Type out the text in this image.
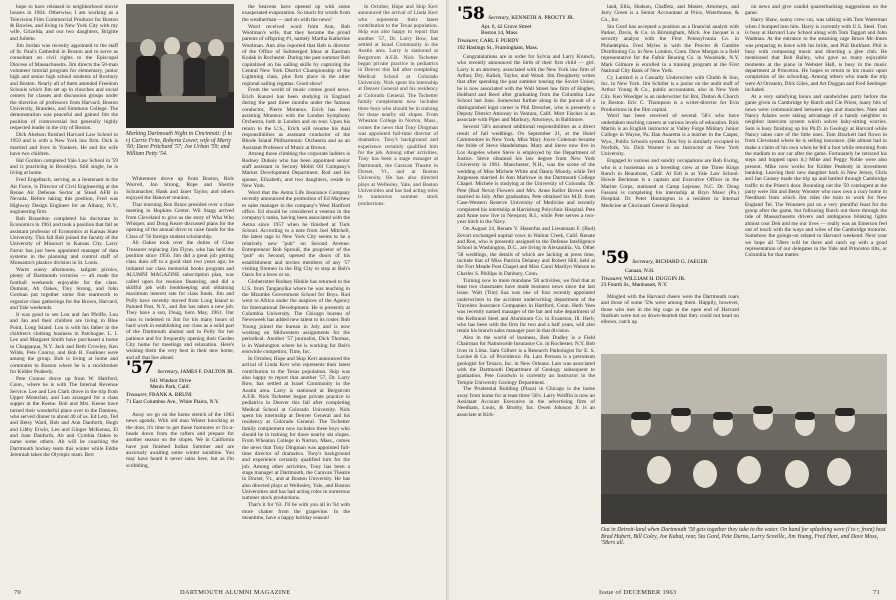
hope to have released to neighborhood movie houses in 1964. Otherwise, I am working as a Television Film Commercial Producer for Boston & Bowles, and living in New York City with my wife, Grizelda, and our two daughters, Brigitte and Juliette.

Jim Jordan was recently appointed to the staff of St. Paul's Cathedral in Boston and to serve as consultant on civil rights to the Episcopal Diocese of Massachusetts. Jim directs the 50-man volunteer tutorial program for elementary, junior high and senior high school students of Roxbury and Boston. Nearly all of them attended Freedom Schools which Jim set up in churches and social centers for classes and discussion groups under the direction of professors from Harvard, Boston University, Brandeis, and Simmons College. The demonstration was peaceful and gained Jim the position of controversial but generally highly respected leader in the city of Boston.

Dick Abelson finished Harvard Law School in 1959 and is with a New York law firm. Dick is married and lives in Yonkers. He and his wife have two children.

Hal Gordon completed Yale Law School in '59 and is practicing in Brooklyn. Still single, he is living at home.

Fred Engelbach, serving as a lieutenant in the Air Force, is Director of Civil Engineering at the Renae Air Defense Sector at Stead AFB in Nevada. Before taking this position, Fred was Highway Design Engineer for an Albany, N.Y., engineering firm.

Bob Brazelton completed his doctorate in Economics in 1961 and took a position that fall as assistant professor of Economics at Kansas State University. This fall Bob joined the faculty of the University of Missouri in Kansas City. Larry Farrar has just been appointed manager of data systems in the planning and control staff of Monsanto's plastics division in St. Louis.

Warm sunny afternoons, tailgate picnics, plenty of Dartmouth victories — all made the football weekends enjoyable for the class. Dumont, Ab Oakes, Tiny Strong, and John Gorman put together some fine teamwork to organize class gatherings for the Brown, Harvard, and Yale weekends.

It was good to see Lou and Jan Pfeiffe, Lou and Jan and their children are living in Blue Point, Long Island. Lou is with his father in the children's clothing business in Patchogue. L. I. Lee and Margaret Smith have purchased a home in Chappaqua, N.Y. Jack and Beth Crowley, Ken Wilde, Pete Conroy, and Bob R. Faulkner were among the group. Bob is living at home and commutes to Boston where he is a stockbroker for Kidder Peabody.

Pete Connor drove up from W. Hartford, Conn., where he is with The Internal Revenue Service. Lee and Len Clark drove in the trip from Upper Montclair, and Len arranged for a class supper at the Keene. Bob and Mrs. Keene have turned their wonderful place over to the Dantons, who served dinner to about 40 of us. Ed Letz, Ted and Betsy Ward, Bob and Ann Danforth, Hugh and Libby Erwin, Leo and Ginger McKenna, El and Joan Danforth, Ab and Cynthia Oakes to name some others. Ab will be coaching the Dartmouth hockey team this winter while Eddie Jeremiah takes the Olympic team. Bert

Marking Dartmouth Night in Cincinnati: (l to r) Carrie Fritz, Roberta Lower, wife of Marty '60; Dave Pritchard '57; Joe Urban '59; and William Petty '54.

Whitemore drove up from Boston, Rick Worrell, Jon Strong, Rope and Sherrie Schumacher, Hank and Janet Taylor, and others enjoyed the Hanover reunion.

That morning Ron Brace presided over a class meeting in Hopkins Center. Wil Stagg arrived from Cleveland to give us the story of Wha Who Whisper, and Doug Keare discussed plans for the opening of the annual drive to raise funds for the Class of '56 foreign student scholarship.

Ab Oakes took over the duties of Class Treasurer replacing Jim Flynn, who has held the position since 1956. Jim did a great job getting class dues off to a good start two years ago; he initiated our class memorial books program and ALUMNI MAGAZINE subscription plan, was called upon for reunion financing, and did a skillful job with bookkeeping and obtaining maximum interest rate for class funds. Jim and Polly have recently moved from Long Island to Painted Post, N.Y., and Jim has taken a new job. They have a son, Doug, born May, 1961. Our class is indebted to Jim for his many hours of hard work in establishing our class as a solid part of the Dartmouth alumni and to Polly for her patience and for frequently opening their Garden City home for meetings and relaxation. Here's wishing them the very best in their new home, and all that lies ahead.

'57 Secretary, JAMES F. DALTON JR.
641 Windsor Drive
Menlo Park, Calif.
Treasurer, FRANK A. BRUNI
71 East Columbus Ave., White Plains, N.Y.

Away we go on the home stretch of the 1963 news agenda. With old man Winter knocking at the door, it's time to get those footnotes or fix-a-heads down from the rafters and prepare for another season on the slopes. We in California have just finished Indian Summer and are anxiously awaiting some winter sunshine. You may have heard it never rains here, but as I'm scribbling,

the heavens have opened up with some exasperated evaporation. So much for words from the weatherman — and on with the news!

Word received word from Ann, Bob Woolman's wife, that they became the proud parents of offspring #1, namely Martha Katherine Woolman. Ann also reported that Bob is director of the Office of Submerged Ideas at Eastman Kodak in Rochester. During the past summer Bob capitalized on his sailing skills by capturing the Central New York District Championship of the Lightning class, plus first place in the other regional sailing regattas. Good show!

From the world of music comes good news. Erich Kunzel has been studying in England during the past three months under the famous conductor, Pierre Monteux. Erich has been assisting Monteux with the London Symphony Orchestra, both in London and on tour. Upon his return to the U.S., Erich will resume his dual responsibilities as assistant conductor of the Rhode Island Philharmonic Orchestra and as an Assistant Professor of Music at Brown.

Among those climbing the corporate ladders is Rodney Dubois who has been appointed senior staff assistant in Secony Mobil Oil Company's Market Development Department. Rod and his spouse, Elizabeth, and two daughters, reside in New York.

Word that the Aetna Life Insurance Company recently announced the promotion of Ed Mayhew to sales manager in the company's West Hartford office. Ed should be considered a veteran in the company's ranks, having been associated with the Aetna since 1957 when he finished at Tuck School. According to a note from Joel Mitchell, the latest rage in New York City seems to be a relatively new "pub" on Second Avenue. Entrepreneur Bob Sproull, the proprietor of the "pub" on Second, opened the doors of his establishment and invites members of any '57 visiting firemen in the Big City to stop at Bob's Oasis for a brew or so.

Globetrotter Rodney Hinkle has returned to the U.S. from Tanganyika where he was teaching in the Mzumbe Government School for Boys. Rod went to Africa under the auspices of the Agency for International Development. He is presently at Columbia University. The Chicago bureau of Newsweek has added new talent to its roster. Bob Young joined the bureau in July and is now working on Midwestern assignments for the periodical. Another '57 journalist, Dick Thomas, is in Washington where he is working for Bob's erstwhile competitor, Time, Inc.

In October, Hope and Skip Kerr announced the arrival of Linda Kerr who represents their latest contribution to the Texas population. Skip was also happy to report that another '57, Dr. Larry Bow, has settled at Israel Community in the Austin area. Larry is stationed at Bergstrom A.F.B. Nick Tschetter began private practice in pediatrics in Denver this fall after completing Medical School at Colorado University. Nick spent his internship at Denver General and his residency at Colorado General. The Tschetter family complement now includes three boys who should be in training for those nearby ski slopes. From Wheaton College in Norton, Mass., comes the news that Tony Dingman was appointed full-time director of dramatics. Tony's background and experience certainly qualified him for the job. Among other activities, Tony has been a stage manager at Dartmouth, the Caravan Theatre in Dorset, Vt., and at Boston University. He has also directed plays at Wellesley, Yale, and Boston Universities and has had acting roles in numerous summer stock productions.

That's it for '63. I'll be with you all in '64 with more chatter from the grapevine. In the meantime, have a happy holiday season!

In October, Hope and Skip Kerr announced the arrival of Linda Kerr who represents their latest contribution to the Texas population. Skip was also happy to report that another '57, Dr. Larry Bow, has settled at Israel Community in the Austin area. Larry is stationed at Bergstrom A.F.B. Nick Tschetter began private practice in pediatrics in Denver this fall after completing Medical School at Colorado University. Nick spent his internship at Denver General and his residency at Colorado General. The Tschetter family complement now includes three boys who should be in training for those nearby ski slopes. From Wheaton College in Norton, Mass., comes the news that Tony Dingman was appointed full-time director of dramatics. Tony's background and experience certainly qualified him for the job. Among other activities, Tony has been a stage manager at Dartmouth, the Caravan Theatre in Dorset, Vt., and at Boston University. He has also directed plays at Wellesley, Yale, and Boston Universities and has had acting roles in numerous summer stock productions.

70	DARTMOUTH ALUMNI MAGAZINE
'58 Secretary, KENNETH A. PROUTY JR.
Apt. 6, 42 Grove Street
Boston 14, Mass.
Treasurer, CARL F. PURDY
102 Hastings St., Framingham, Mass.

Congratulations are in order for Sylvia and Larry Krutsch, who recently announced the birth of their first child — girl. Larry is an attorney, associated with the New York law firm of Arthur, Dry, Kalish, Taylor, and Wood. Jim Dougherty writes that after spending the past summer touring the Soviet Union, he is now associated with the Wall Street law firm of Hughes, Hubbard and Reed after graduating from the Columbia Law School last June. Somewhat further along in the pursuit of a distinguished legal career is Phil Drescher, who is presently a Deputy District Attorney in Ventura, Calif. Mort Fischer is an associate with Piper and Marbury, Attorneys, in Baltimore.

Several '58's assumed additional responsibilities as a direct result of fall weddings. On September 21, at the Hotel Commodore in New York, Miss Mary Joyce Coleman became the bride of Steve Handelsman. Mary and Steve now live in Los Angeles where Steve is employed by the Department of Justice. Steve obtained his law degree from New York University in 1961. Manchester, N.H., was the scene of the wedding of Miss Michele White and Danny Moody, while Ted Jorgensen married Jo Ann Marlowe in the Dartmouth College Chapel. Michele is studying at the University of Colorado. Dr. Pete (Bud Neva) Flowers and Mrs. Anne Keller Brown were married in July. After graduation, Pete obtained his M.D. from Case-Western Reserve University of Medicine and recently completed his internship at Harrisburg Polyclinic Hospital. Pete and Anne now live in Newport, R.I., while Pete serves a two-year hitch in the Navy.

On August 24, Renate V. Hasenfus and Lieutenant F. (Bud) Zevort exchanged nuptial vows in Walnut Creek, Calif. Renate and Ron, who is presently assigned to the Defense Intelligence School in Washington, D.C., are living in Alexandria, Va. Other '58 weddings, the details of which are lacking at press time, include that of Miss Patricia Delaney and Robert Hill; held at the Fort Meade Post Chapel and Miss Carol Marilyn Watson to Charles S. Phillips in Danbury, Conn.

Turning now to more mundane '58 activities, we find that at least two classmates have made business news since the last issue. Walt (Tim) Sua was one of four recently appointed underwriters in the accident underwriting department of the Travelers Insurance Companies in Hartford, Conn. Herb Vees was recently named manager of the bar and tube department of the Kelbrand Steel and Aluminum Co. in Evanston, Ill. Herb, who has been with the firm for two and a half years, will also retain his branch sales manager post in that division.

Also in the world of business, Bob Dudley is a Field Chairman for Nationwide Insurance Co. in Rochester, N.Y. Bob lives in Lima. Sam Gilbert is a Research Pathologist for E. S. Lavine & Co. of Providence. Pa. Lars Persson is a petroleum geologist for Texaco, Inc. in New Orleans. Lars was associated with the Dartmouth Department of Geology subsequent to graduation. Pete Goodwin is currently an Instructor in the Temple University Geology Department.

The Prudential Building (Plaza) in Chicago is the home away from home for at least three '58's. Larry Weiffin is now an Assistant Account Executive in the advertising firm of Needham, Louis, & Brorby, Inc. Owen Johnson Jr. is an associate at Kirk-

land, Ellis, Hodson, Chaffetz, and Master, Attorneys, and Jerry Green is a Senior Accountant at Price, Waterhouse, & Co., Inc.

Stu Gord has accepted a position as a financial analyst with Parker, Davis, & Co. in Birmingham, Mich. Joe Jacquet is a security analyst with the First Pennsylvania Co. in Philadelphia. Fred Myles is with the Procter & Gamble Distributing Co. in New London, Conn. Dave Morgan is a field representative for the Fafnir Bearing Co. in Woodside, N.Y. Mark Gilmore is enrolled in a training program at the First National City Bank of New York.

Cy Lamkrd is a Casualty Underwriter with Chubb & Son, Inc. in New York. Jim Schiller is a junior on the audit staff of Arthur Young & Co., public accountants, also in New York City. Ken Woodger is an underwriter for Bot, Dalton & Church in Boston. Eric C. Thompson is a writer-director for Evis Productions in the film capital.

Word has been received of several '58's who have undertaken teaching careers at various levels of education. Rick Martin is an English instructor at Valley Forge Military Junior College in Wayne, Pa. Dan Anaretta is a teacher in the Casper, Wyo., Public Schools system. Don Vey is similarly occupied in Norfolk, Va. Dick Warner is an Instructor at New York University.

Engaged in various and sundry occupations are Bob Ewing, who is a horseman on a breeding crew at the Three Kings Ranch in Beaumont, Calif. Al Ettl is at Yale Law School. Howie Beckman is a captain and Executive Officer in the Marine Corps, stationed at Camp Lejeune, N.C. Dr. Doug Fassoni is completing his internship at Bryn Mawr (Pa.) Hospital. Dr. Peter Huntington is a resident in Internal Medicine at Cincinnati General Hospital.

'59 Secretary, RICHARD G. JAEGER
Canaan, N.H.
Treasurer, WILLIAM H. DUGGIN JR.
23 Fourth St., Manhasset, N.Y.

Mingled with the Harvard cheers were the Dartmouth roars and those of some '59s were among them. Happily, however, those who met in the big cage at the open end of Harvard Stadium were not so down-hearted that they could not head on elbows, catch up

on news and give candid quarterbacking suggestions on the game.

Harry Shaw, sunny crew cut, was talking with Tom Waterman when I bumped into him. Harry is currently with U.S. Steel. Tom is busy at Harvard Law School along with Tom Taggart and John Wadman. At the entrance to the steaming cage Bruce Mc-Innes was preparing to leave with his bride, and Phil Burkhart. Phil is busy with composing music and directing a glee club. He mentioned that Bob Bailey, who gave us many enjoyable moments at the piano in Webster Hall, is busy in the music department at Princeton. He hopes to return to his music upon completion of his schooling. Among others who made the trip were Al Ornstein, Dick Giles, and Art Duggan and Fred Seelinger included.

At a very satisfying hours and sandwiches party before the game given in Cambridge by Butch and Cle Priest, many bits of news were communicated between sips and munches. Nate and Nancy Adams were taking advantage of a handy neighbor to neighbor intercom system which solves baby-sitting worries. Sam is busy finishing up his Ph.D. in Geology at Harvard while Nancy takes care of the little ones. Tom Brackett had flown in from Cleveland where he is selling insurance. (He almost had to make a claim of his own when he fell a foot while returning from the stadium to our car after the game. Fortunately he retraced his steps and hopped upon it.) Mike and Peggy Noble were also present. Mike now works for Kidder Peabody in investment banking. Leaving their new daughter back in New Jersey, Chris and Jan Causey made the trip up and battled through Cambridge traffic to the Priest's door. Rounding out the '59 contingent at the party were Jim and Betsy Wouster who now own a cozy home in Needham from which Jim rides the train to work for New England Tel. The Wousters put on a very plentiful feast for the group after the game, but following Butch out there through the tide of Massachusetts drivers and ambiguous blinking lights almost cost Deb and me our lives — really was an Emerson feel out of touch with the ways and wiles of the Cambridge motorist. Somehow the goings-on related to Harvard weekend. Next year we hope all '59ers will be there and catch up with a good representation of our delegates to the Yale and Princeton tilts, or Columbia for that matter.

Out in Detroit-land when Dartmouth '58 gets together they take to the water. On hand for splashing were (l to r, front) host Brad Hubert, Bill Coley, Joe Kabat, rear, Stu Gord, Pete Durno, Larry Scoville, Jim Young, Fred Hart, and Dave Moss, '58ers all.
Issue of DECEMBER 1963	71
